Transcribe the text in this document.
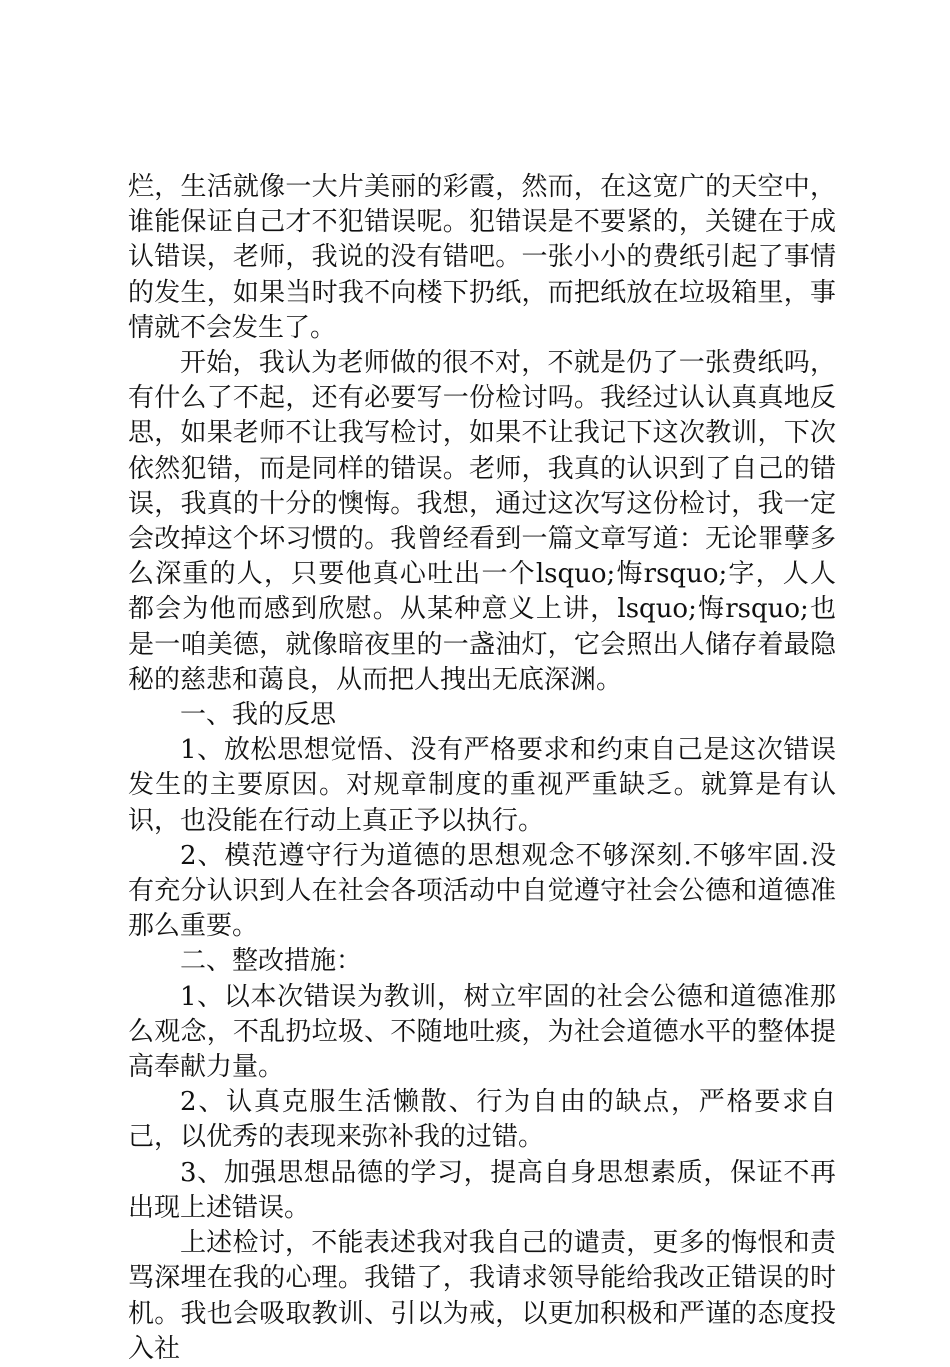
烂，生活就像一大片美丽的彩霞，然而，在这宽广的天空中，谁能保证自己才不犯错误呢。犯错误是不要紧的，关键在于成认错误，老师，我说的没有错吧。一张小小的费纸引起了事情的发生，如果当时我不向楼下扔纸，而把纸放在垃圾箱里，事情就不会发生了。

开始，我认为老师做的很不对，不就是仍了一张费纸吗，有什么了不起，还有必要写一份检讨吗。我经过认认真真地反思，如果老师不让我写检讨，如果不让我记下这次教训，下次依然犯错，而是同样的错误。老师，我真的认识到了自己的错误，我真的十分的懊悔。我想，通过这次写这份检讨，我一定会改掉这个坏习惯的。我曾经看到一篇文章写道：无论罪孽多么深重的人，只要他真心吐出一个lsquo;悔rsquo;字，人人都会为他而感到欣慰。从某种意义上讲，lsquo;悔rsquo;也是一咱美德，就像暗夜里的一盏油灯，它会照出人储存着最隐秘的慈悲和蔼良，从而把人拽出无底深渊。

一、我的反思

1、放松思想觉悟、没有严格要求和约束自己是这次错误发生的主要原因。对规章制度的重视严重缺乏。就算是有认识，也没能在行动上真正予以执行。

2、模范遵守行为道德的思想观念不够深刻.不够牢固.没有充分认识到人在社会各项活动中自觉遵守社会公德和道德准那么重要。

二、整改措施：

1、以本次错误为教训，树立牢固的社会公德和道德准那么观念，不乱扔垃圾、不随地吐痰，为社会道德水平的整体提高奉献力量。

2、认真克服生活懒散、行为自由的缺点，严格要求自己，以优秀的表现来弥补我的过错。

3、加强思想品德的学习，提高自身思想素质，保证不再出现上述错误。

上述检讨，不能表述我对我自己的谴责，更多的悔恨和责骂深埋在我的心理。我错了，我请求领导能给我改正错误的时机。我也会吸取教训、引以为戒，以更加积极和严谨的态度投入社
